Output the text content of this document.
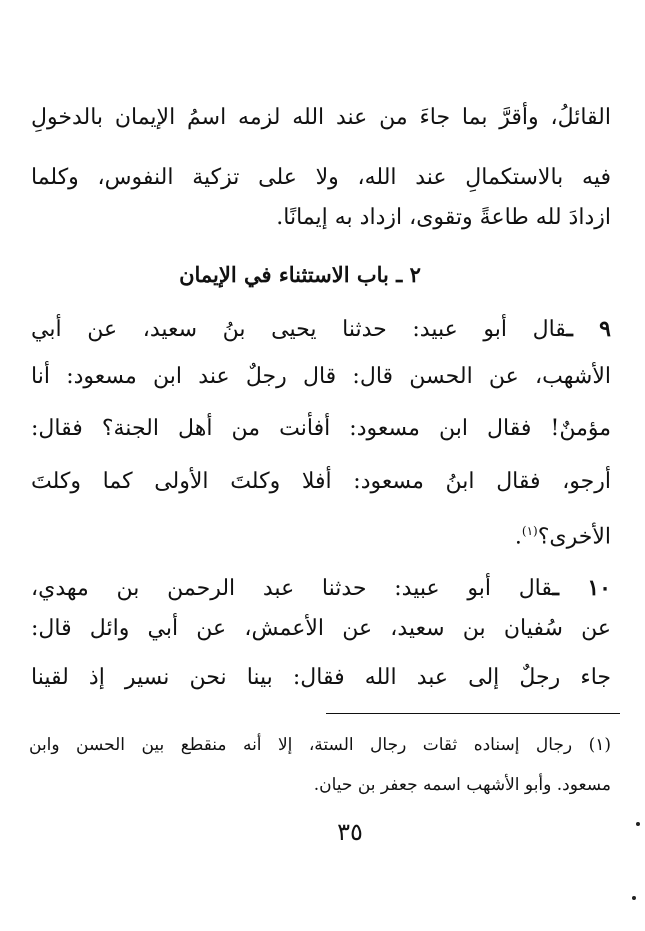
القائلُ، وأقرَّ بما جاءَ من عند الله لزمه اسمُ الإيمان بالدخولِ
فيه بالاستكمالِ عند الله، ولا على تزكية النفوس، وكلما
ازدادَ لله طاعةً وتقوى، ازداد به إيمانًا.
٢ ـ باب الاستثناء في الإيمان
٩ ـقال أبو عبيد: حدثنا يحيى بنُ سعيد، عن أبي
الأشهب، عن الحسن قال: قال رجلٌ عند ابن مسعود: أنا
مؤمنٌ! فقال ابن مسعود: أفأنت من أهل الجنة؟ فقال:
أرجو، فقال ابنُ مسعود: أفلا وكلتَ الأولى كما وكلتَ
الأخرى؟$^{(١)}$.
١٠ ـقال أبو عبيد: حدثنا عبد الرحمن بن مهدي،
عن سُفيان بن سعيد، عن الأعمش، عن أبي وائل قال:
جاء رجلٌ إلى عبد الله فقال: بينا نحن نسير إذ لقينا
(١) رجال إسناده ثقات رجال الستة، إلا أنه منقطع بين الحسن وابن
مسعود. وأبو الأشهب اسمه جعفر بن حيان.
٣٥
